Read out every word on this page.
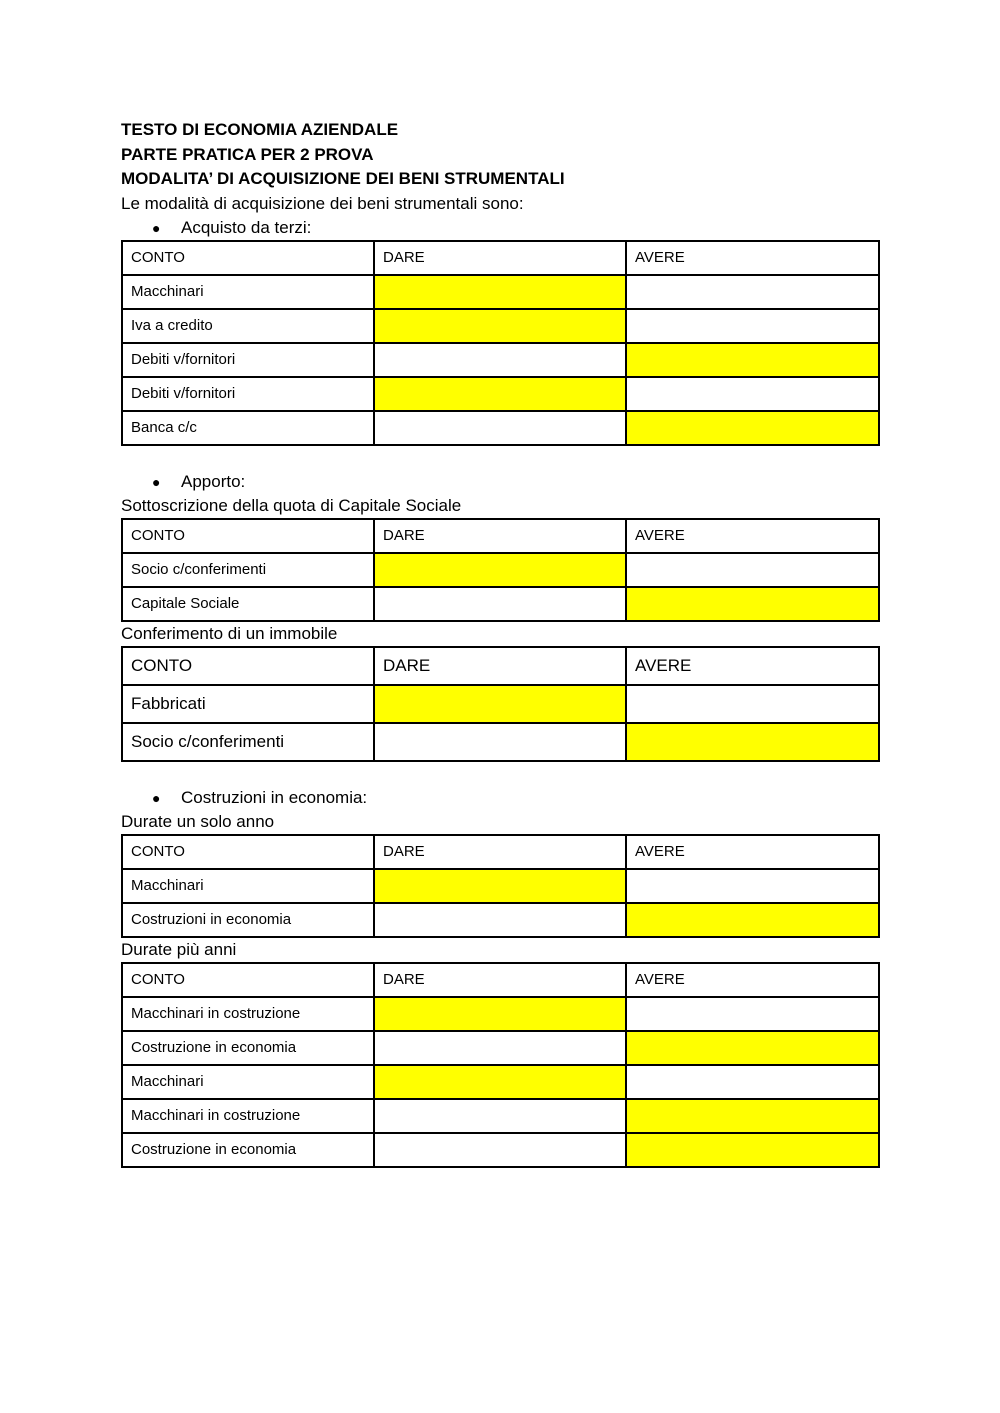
TESTO DI ECONOMIA AZIENDALE

PARTE PRATICA PER 2 PROVA

MODALITA’ DI ACQUISIZIONE DEI BENI STRUMENTALI

Le modalità di acquisizione dei beni strumentali sono:

●	Acquisto da terzi:

CONTO	DARE	AVERE
Macchinari		
Iva a credito		
Debiti v/fornitori		
Debiti v/fornitori		
Banca c/c		

●	Apporto:

Sottoscrizione della quota di Capitale Sociale

CONTO	DARE	AVERE
Socio c/conferimenti		
Capitale Sociale		

Conferimento di un immobile

CONTO	DARE	AVERE
Fabbricati		
Socio c/conferimenti		

●	Costruzioni in economia:

Durate un solo anno

CONTO	DARE	AVERE
Macchinari		
Costruzioni in economia		

Durate più anni

CONTO	DARE	AVERE
Macchinari in costruzione		
Costruzione in economia		
Macchinari		
Macchinari in costruzione		
Costruzione in economia		
